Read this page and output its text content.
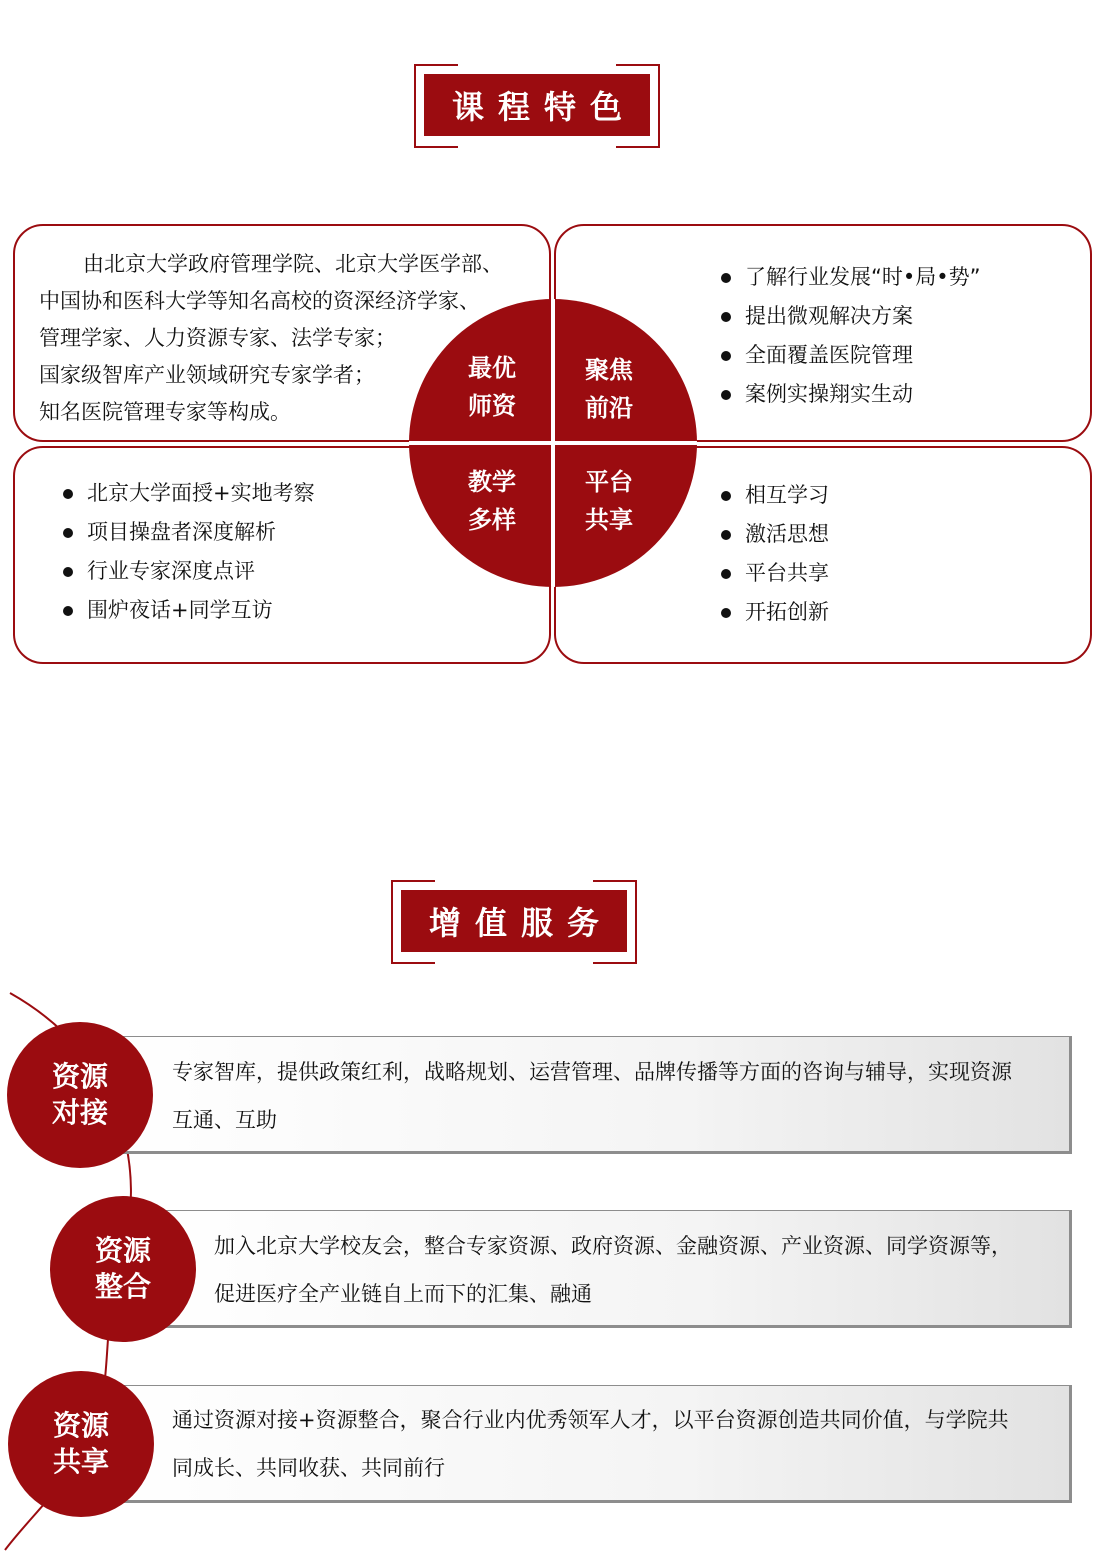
课程特色

由北京大学政府管理学院、北京大学医学部、

中国协和医科大学等知名高校的资深经济学家、

管理学家、人力资源专家、法学专家；

国家级智库产业领域研究专家学者；

知名医院管理专家等构成。

了解行业发展“时•局•势”
提出微观解决方案
全面覆盖医院管理
案例实操翔实生动
北京大学面授+实地考察
项目操盘者深度解析
行业专家深度点评
围炉夜话+同学互访
相互学习
激活思想
平台共享
开拓创新
最优
师资
聚焦
前沿
教学
多样
平台
共享
增值服务
专家智库，提供政策红利，战略规划、运营管理、品牌传播等方面的咨询与辅导，实现资源
互通、互助
资源
对接
加入北京大学校友会，整合专家资源、政府资源、金融资源、产业资源、同学资源等，
促进医疗全产业链自上而下的汇集、融通
资源
整合
通过资源对接+资源整合，聚合行业内优秀领军人才，以平台资源创造共同价值，与学院共
同成长、共同收获、共同前行
资源
共享
